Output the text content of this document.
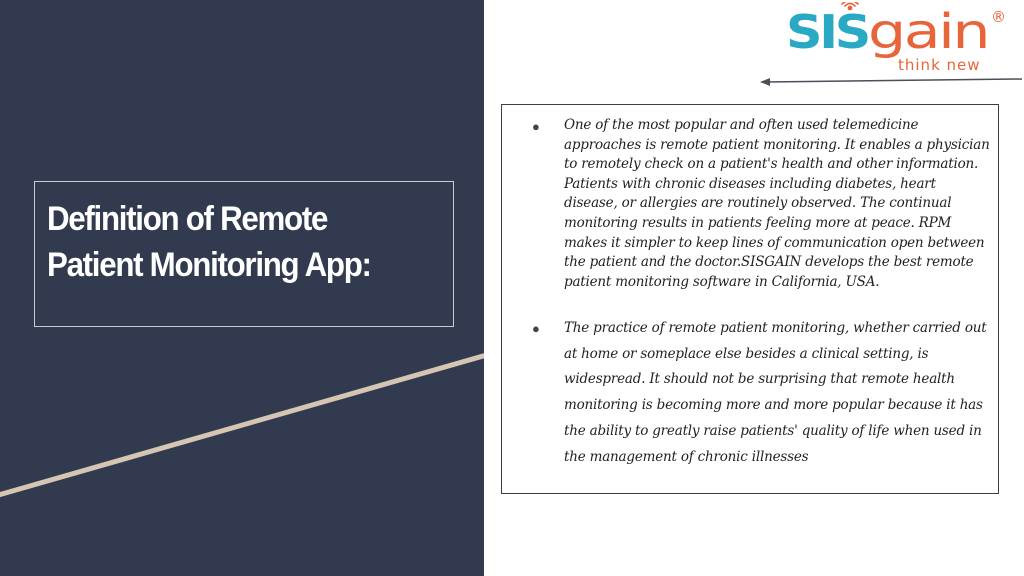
Definition of Remote Patient Monitoring App:
SIS gain ®
think new
● One of the most popular and often used telemedicine approaches is remote patient monitoring. It enables a physician to remotely check on a patient's health and other information. Patients with chronic diseases including diabetes, heart disease, or allergies are routinely observed. The continual monitoring results in patients feeling more at peace. RPM makes it simpler to keep lines of communication open between the patient and the doctor.SISGAIN develops the best remote patient monitoring software in California, USA.

● The practice of remote patient monitoring, whether carried out at home or someplace else besides a clinical setting, is widespread. It should not be surprising that remote health monitoring is becoming more and more popular because it has the ability to greatly raise patients' quality of life when used in the management of chronic illnesses
